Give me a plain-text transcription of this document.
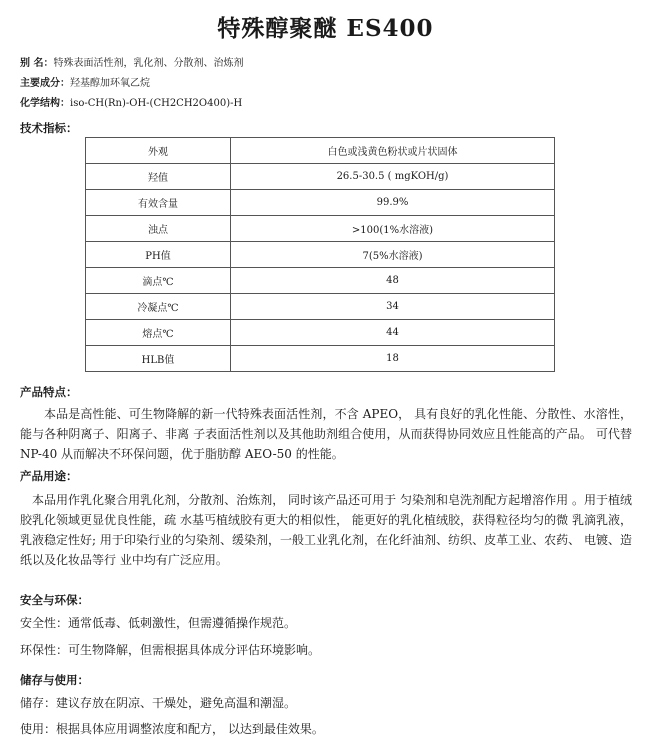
特殊醇聚醚 ES400
别 名：特殊表面活性剂，乳化剂、分散剂、治炼剂
主要成分：羟基醇加环氧乙烷
化学结构：iso-CH(Rn)-OH-(CH2CH2O400)-H
技术指标：
外观	白色或浅黄色粉状或片状固体
羟值	26.5-30.5 ( mgKOH/g)
有效含量	99.9%
浊点	>100(1%水溶液)
PH值	7(5%水溶液)
滴点℃	48
冷凝点℃	34
熔点℃	44
HLB值	18
产品特点：
本品是高性能、可生物降解的新一代特殊表面活性剂，不含 APEO， 具有良好的乳化性能、分散性、水溶性，能与各种阴离子、阳离子、非离 子表面活性剂以及其他助剂组合使用，从而获得协同效应且性能高的产品。 可代替 NP-40 从而解决不环保问题，优于脂肪醇 AEO-50 的性能。
产品用途：
本品用作乳化聚合用乳化剂，分散剂、治炼剂， 同时该产品还可用于 匀染剂和皂洗剂配方起增溶作用 。用于植绒胶乳化领域更显优良性能，疏 水基丐植绒胶有更大的相似性， 能更好的乳化植绒胶，获得粒径均匀的微 乳滴乳液，乳液稳定性好; 用于印染行业的匀染剂、缓染剂，一般工业乳化剂，在化纤油剂、纺织、皮革工业、农药、 电镀、造纸以及化妆品等行 业中均有广泛应用。
安全与环保：
安全性：通常低毒、低刺激性，但需遵循操作规范。
环保性：可生物降解，但需根据具体成分评估环境影响。
储存与使用：
储存：建议存放在阴凉、干燥处，避免高温和潮湿。
使用：根据具体应用调整浓度和配方， 以达到最佳效果。
